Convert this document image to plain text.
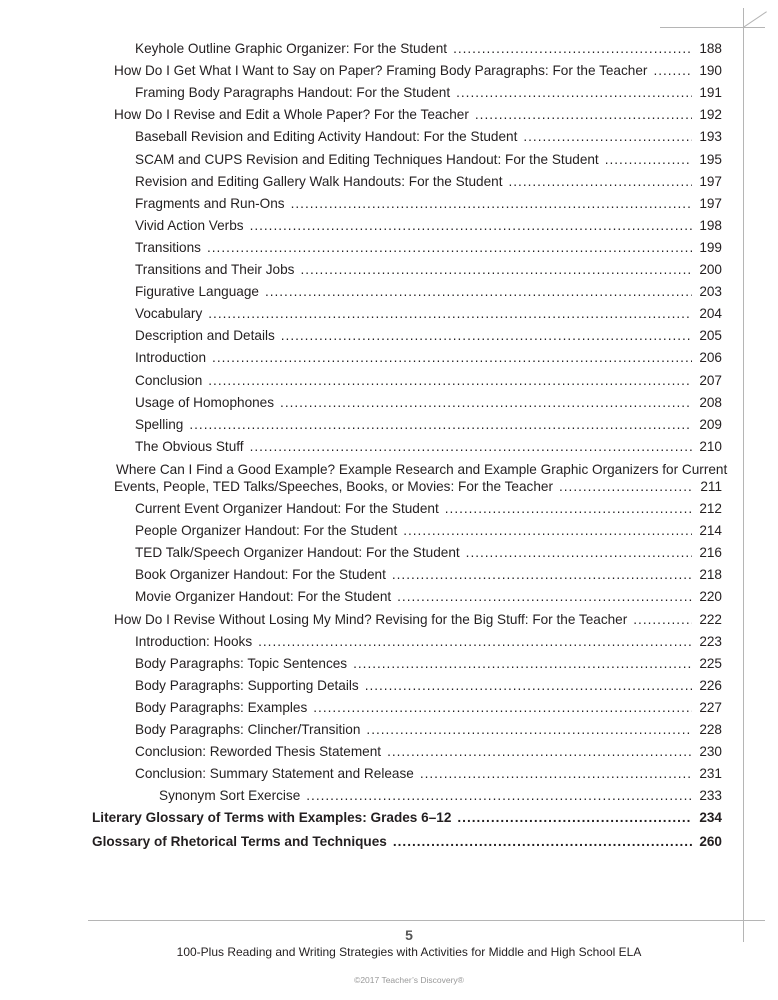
Keyhole Outline Graphic Organizer: For the Student .....	188
How Do I Get What I Want to Say on Paper? Framing Body Paragraphs: For the Teacher .....	190
Framing Body Paragraphs Handout: For the Student .....	191
How Do I Revise and Edit a Whole Paper? For the Teacher .....	192
Baseball Revision and Editing Activity Handout: For the Student .....	193
SCAM and CUPS Revision and Editing Techniques Handout: For the Student .....	195
Revision and Editing Gallery Walk Handouts: For the Student .....	197
Fragments and Run-Ons .....	197
Vivid Action Verbs .....	198
Transitions .....	199
Transitions and Their Jobs .....	200
Figurative Language .....	203
Vocabulary .....	204
Description and Details .....	205
Introduction .....	206
Conclusion .....	207
Usage of Homophones .....	208
Spelling .....	209
The Obvious Stuff .....	210
Where Can I Find a Good Example? Example Research and Example Graphic Organizers for Current
Events, People, TED Talks/Speeches, Books, or Movies: For the Teacher .....	211
Current Event Organizer Handout: For the Student .....	212
People Organizer Handout: For the Student .....	214
TED Talk/Speech Organizer Handout: For the Student .....	216
Book Organizer Handout: For the Student .....	218
Movie Organizer Handout: For the Student .....	220
How Do I Revise Without Losing My Mind? Revising for the Big Stuff: For the Teacher .....	222
Introduction: Hooks .....	223
Body Paragraphs: Topic Sentences .....	225
Body Paragraphs: Supporting Details .....	226
Body Paragraphs: Examples .....	227
Body Paragraphs: Clincher/Transition .....	228
Conclusion: Reworded Thesis Statement .....	230
Conclusion: Summary Statement and Release .....	231
Synonym Sort Exercise .....	233
Literary Glossary of Terms with Examples: Grades 6–12 .....	234
Glossary of Rhetorical Terms and Techniques .....	260
5
100-Plus Reading and Writing Strategies with Activities for Middle and High School ELA
©2017 Teacher’s Discovery®
